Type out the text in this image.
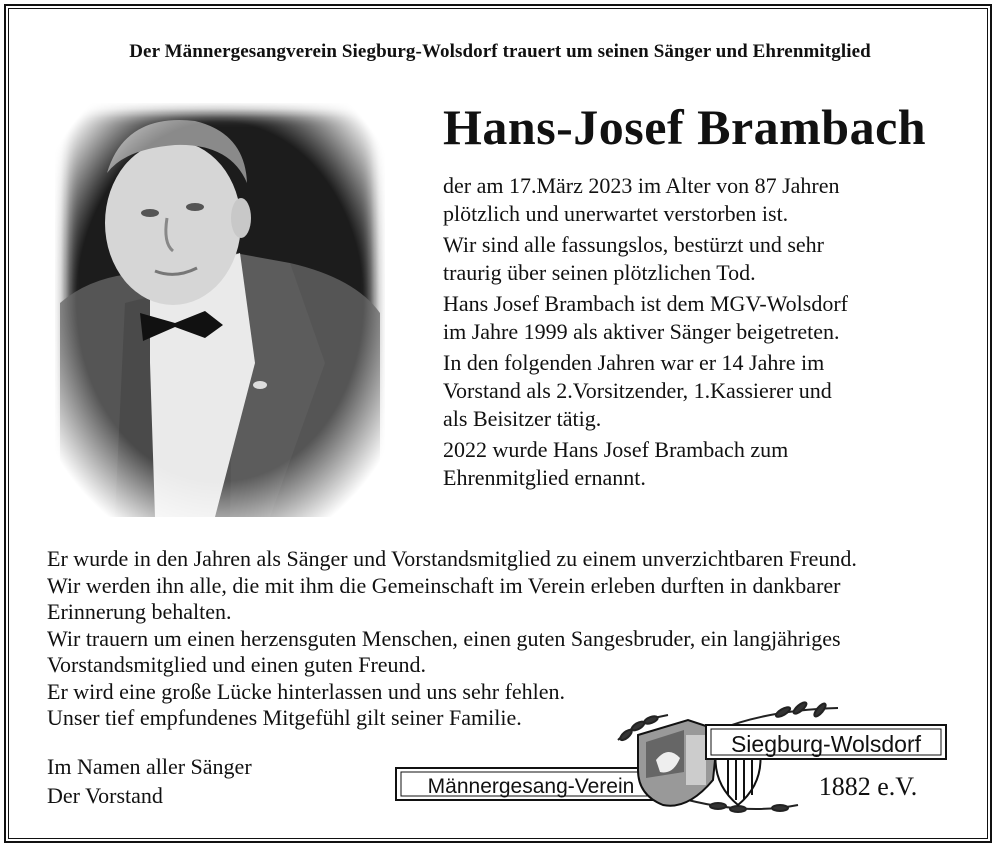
Der Männergesangverein Siegburg-Wolsdorf trauert um seinen Sänger und Ehrenmitglied
Hans-Josef Brambach

der am 17.März 2023 im Alter von 87 Jahren
plötzlich und unerwartet verstorben ist.

Wir sind alle fassungslos, bestürzt und sehr
traurig über seinen plötzlichen Tod.

Hans Josef Brambach ist dem MGV-Wolsdorf
im Jahre 1999 als aktiver Sänger beigetreten.

In den folgenden Jahren war er 14 Jahre im
Vorstand als 2.Vorsitzender, 1.Kassierer und
als Beisitzer tätig.

2022 wurde Hans Josef Brambach zum
Ehrenmitglied ernannt.

Er wurde in den Jahren als Sänger und Vorstandsmitglied zu einem unverzichtbaren Freund.
Wir werden ihn alle, die mit ihm die Gemeinschaft im Verein erleben durften in dankbarer
Erinnerung behalten.
Wir trauern um einen herzensguten Menschen, einen guten Sangesbruder, ein langjähriges
Vorstandsmitglied und einen guten Freund.
Er wird eine große Lücke hinterlassen und uns sehr fehlen.
Unser tief empfundenes Mitgefühl gilt seiner Familie.
Im Namen aller Sänger
Der Vorstand	Männergesang-Verein
Siegburg-Wolsdorf
1882 e.V.
